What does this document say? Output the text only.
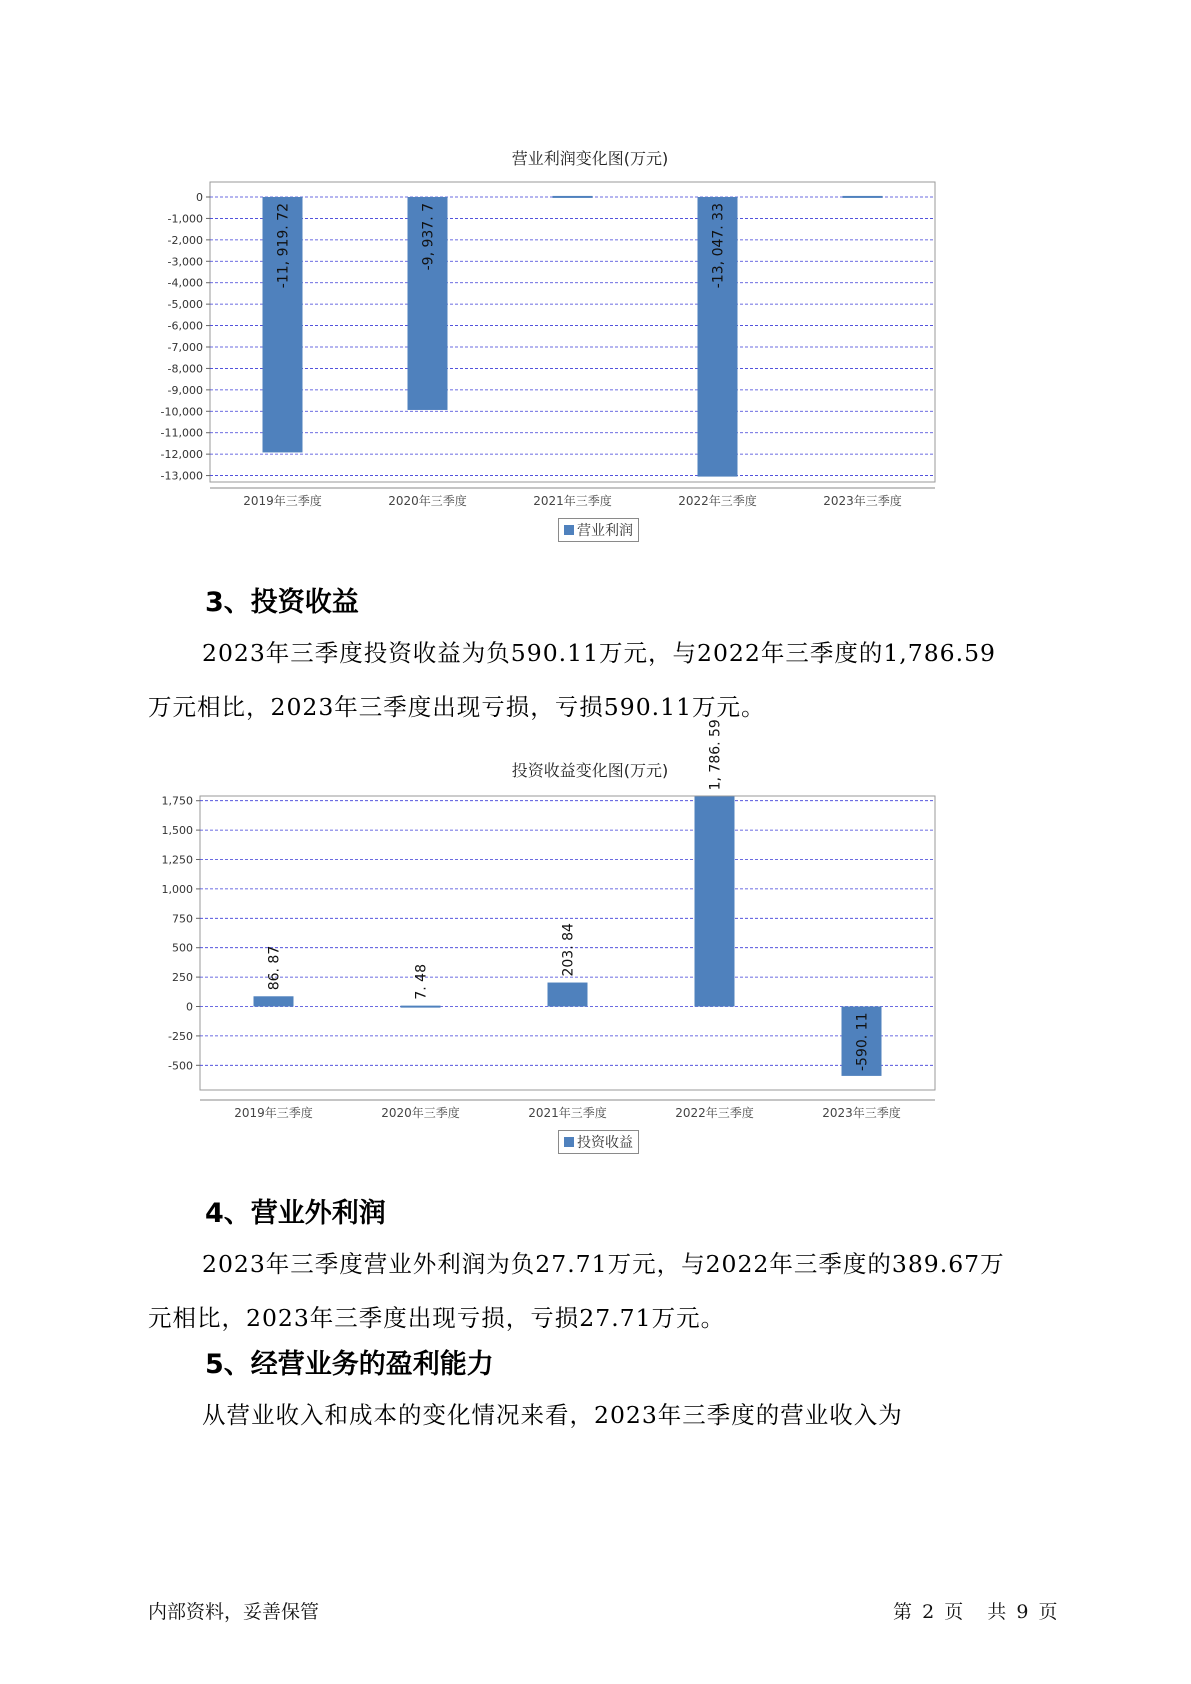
营业利润变化图(万元)
0
-1,000
-2,000
-3,000
-4,000
-5,000
-6,000
-7,000
-8,000
-9,000
-10,000
-11,000
-12,000
-13,000
-11, 919. 72
2019年三季度
-9, 937. 7
2020年三季度	2021年三季度
-13, 047. 33
2022年三季度	2023年三季度
营业利润
3、投资收益

2023年三季度投资收益为负590.11万元，与2022年三季度的1,786.59

万元相比，2023年三季度出现亏损，亏损590.11万元。

投资收益变化图(万元)
1,750
1,500
1,250
1,000
750
500
250
0
-250
-500
86. 87
2019年三季度
7. 48
2020年三季度
203. 84
2021年三季度
1, 786. 59
2022年三季度
-590. 11
2023年三季度
投资收益
4、营业外利润

2023年三季度营业外利润为负27.71万元，与2022年三季度的389.67万

元相比，2023年三季度出现亏损，亏损27.71万元。

5、经营业务的盈利能力

从营业收入和成本的变化情况来看，2023年三季度的营业收入为

内部资料，妥善保管	第 2 页 共 9 页
